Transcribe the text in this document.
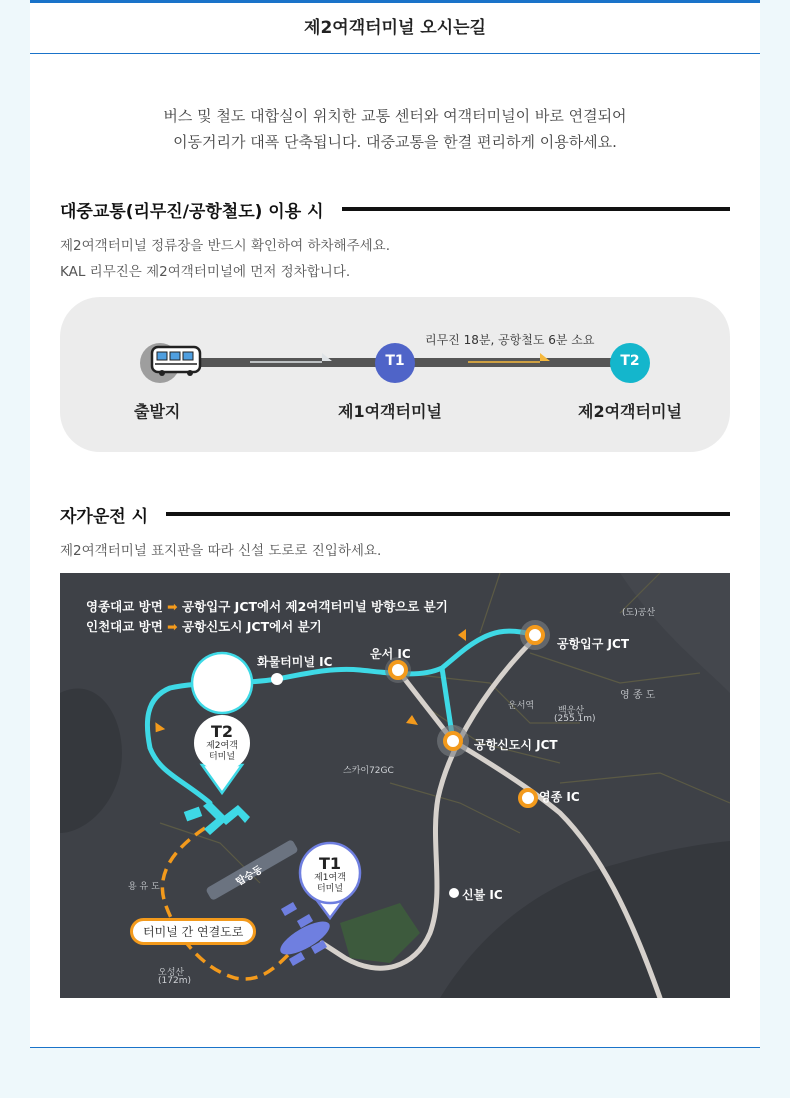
제2여객터미널 오시는길
버스 및 철도 대합실이 위치한 교통 센터와 여객터미널이 바로 연결되어
이동거리가 대폭 단축됩니다. 대중교통을 한결 편리하게 이용하세요.
대중교통(리무진/공항철도) 이용 시
제2여객터미널 정류장을 반드시 확인하여 하차해주세요.
KAL 리무진은 제2여객터미널에 먼저 정차합니다.
T1	T2
리무진 18분, 공항철도 6분 소요
출발지	제1여객터미널	제2여객터미널
자가운전 시
제2여객터미널 표지판을 따라 신설 도로로 진입하세요.
영종대교 방면 ➡ 공항입구 JCT에서 제2여객터미널 방향으로 분기
인천대교 방면 ➡ 공항신도시 JCT에서 분기
화물터미널 IC
운서 IC
공항입구 JCT
공항신도시 JCT
영종 IC
신불 IC
탑승동
스카이72GC
용 유 도
오성산
(172m)
백운산
(255.1m)
영 종 도
운서역
(도)공산
터미널 간 연결도로
T2
제2여객
터미널
T1
제1여객
터미널
